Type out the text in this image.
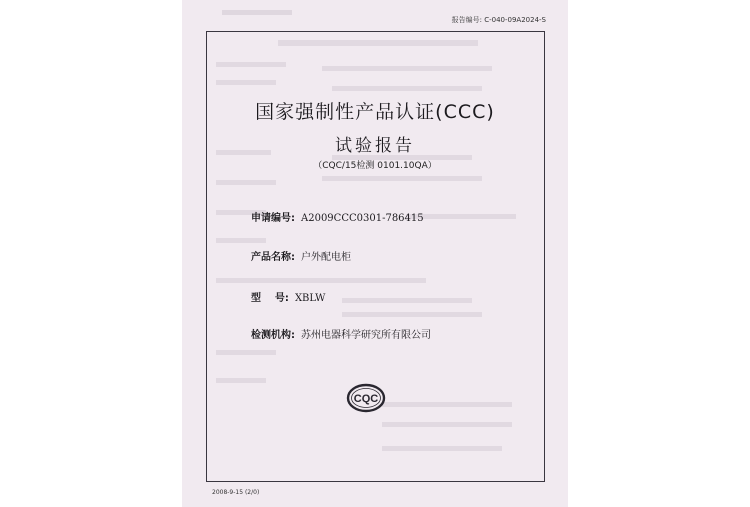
报告编号: C-040-09A2024-S
国家强制性产品认证(CCC)
试验报告
（CQC/15检测 0101.10QA）
申请编号: A2009CCC0301-786415
产品名称: 户外配电柜
型    号: XBLW
检测机构: 苏州电器科学研究所有限公司
CQC
2008-9-15 (2/0)
